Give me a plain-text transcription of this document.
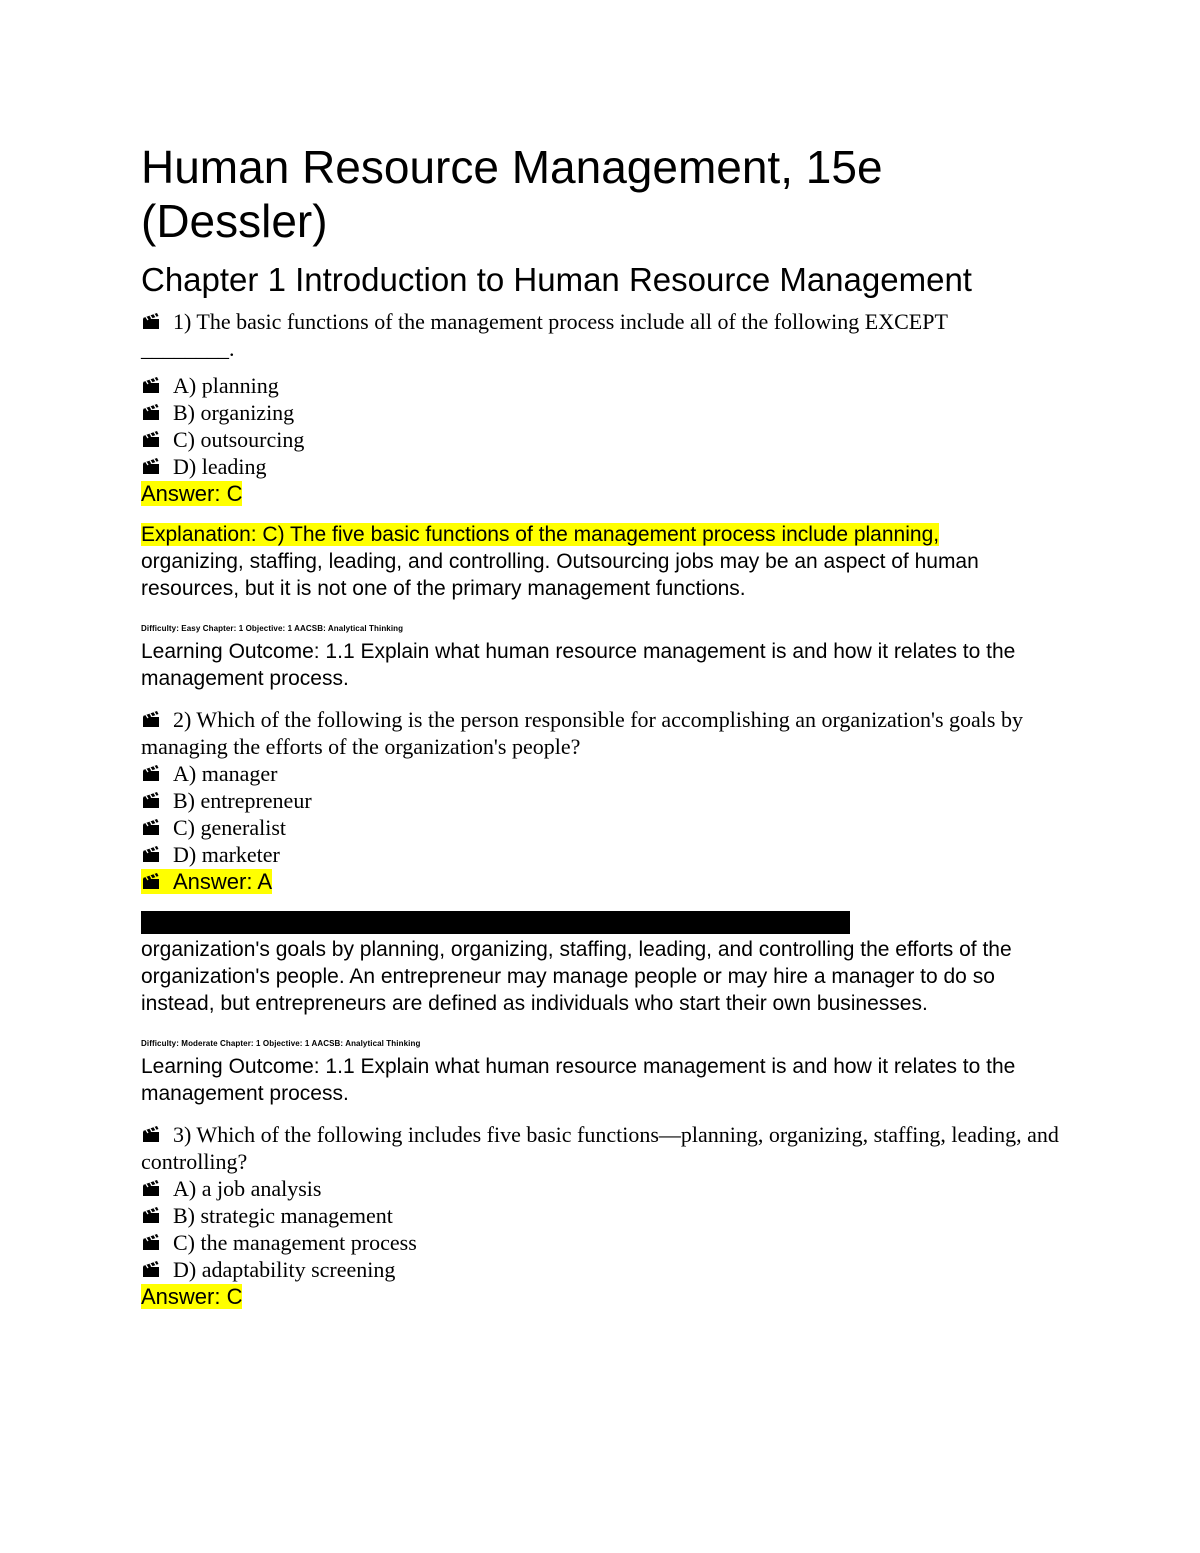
Human Resource Management, 15e
(Dessler)
Chapter 1 Introduction to Human Resource Management

1) The basic functions of the management process include all of the following EXCEPT

________.

A) planning

B) organizing

C) outsourcing

D) leading

Answer: C

Explanation: C) The five basic functions of the management process include planning,
organizing, staffing, leading, and controlling. Outsourcing jobs may be an aspect of human resources, but it is not one of the primary management functions.

Difficulty: Easy Chapter: 1 Objective: 1 AACSB: Analytical Thinking

Learning Outcome: 1.1 Explain what human resource management is and how it relates to the management process.

2) Which of the following is the person responsible for accomplishing an organization's goals by managing the efforts of the organization's people?

A) manager

B) entrepreneur

C) generalist

D) marketer

Answer: A

Explanation: A) The manager is the person responsible for accomplishing an
organization's goals by planning, organizing, staffing, leading, and controlling the efforts of the organization's people. An entrepreneur may manage people or may hire a manager to do so instead, but entrepreneurs are defined as individuals who start their own businesses.

Difficulty: Moderate Chapter: 1 Objective: 1 AACSB: Analytical Thinking

Learning Outcome: 1.1 Explain what human resource management is and how it relates to the management process.

3) Which of the following includes five basic functions—planning, organizing, staffing, leading, and controlling?

A) a job analysis

B) strategic management

C) the management process

D) adaptability screening

Answer: C
